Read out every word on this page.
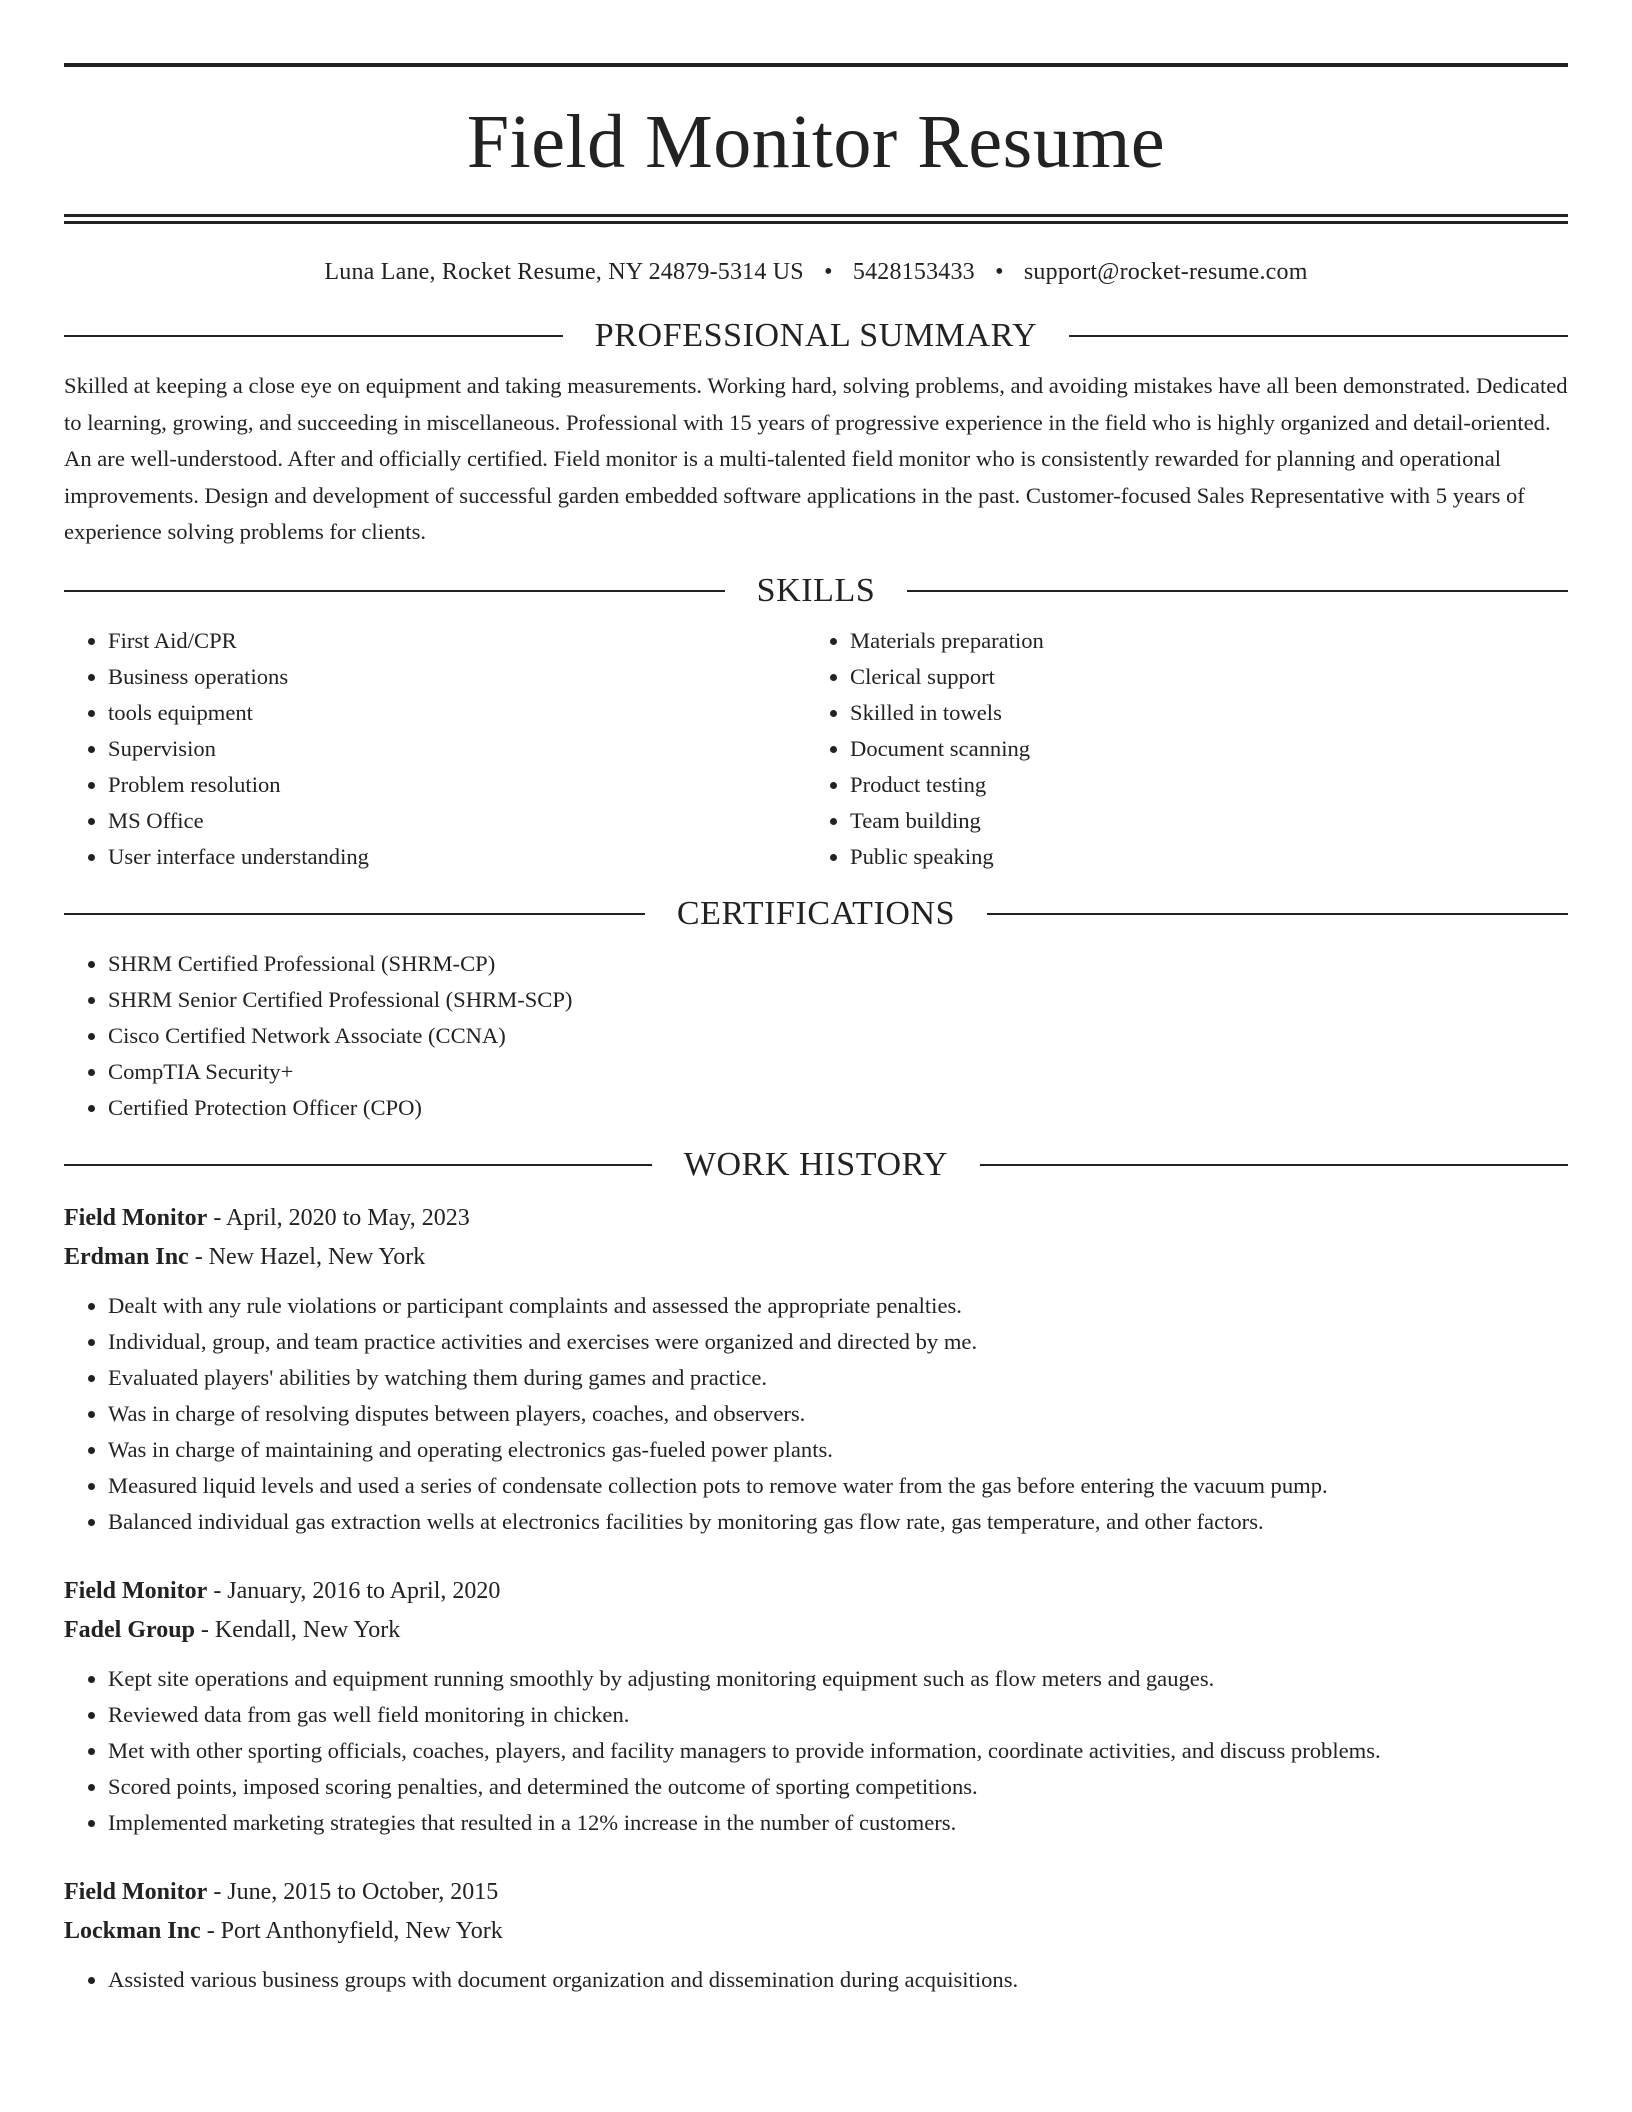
Field Monitor Resume
Luna Lane, Rocket Resume, NY 24879-5314 US • 5428153433 • support@rocket-resume.com
PROFESSIONAL SUMMARY

Skilled at keeping a close eye on equipment and taking measurements. Working hard, solving problems, and avoiding mistakes have all been demonstrated. Dedicated to learning, growing, and succeeding in miscellaneous. Professional with 15 years of progressive experience in the field who is highly organized and detail-oriented. An are well-understood. After and officially certified. Field monitor is a multi-talented field monitor who is consistently rewarded for planning and operational improvements. Design and development of successful garden embedded software applications in the past. Customer-focused Sales Representative with 5 years of experience solving problems for clients.

SKILLS
• First Aid/CPR
• Business operations
• tools equipment
• Supervision
• Problem resolution
• MS Office
• User interface understanding
• Materials preparation
• Clerical support
• Skilled in towels
• Document scanning
• Product testing
• Team building
• Public speaking
CERTIFICATIONS
• SHRM Certified Professional (SHRM-CP)
• SHRM Senior Certified Professional (SHRM-SCP)
• Cisco Certified Network Associate (CCNA)
• CompTIA Security+
• Certified Protection Officer (CPO)
WORK HISTORY
Field Monitor - April, 2020 to May, 2023
Erdman Inc - New Hazel, New York
• Dealt with any rule violations or participant complaints and assessed the appropriate penalties.
• Individual, group, and team practice activities and exercises were organized and directed by me.
• Evaluated players' abilities by watching them during games and practice.
• Was in charge of resolving disputes between players, coaches, and observers.
• Was in charge of maintaining and operating electronics gas-fueled power plants.
• Measured liquid levels and used a series of condensate collection pots to remove water from the gas before entering the vacuum pump.
• Balanced individual gas extraction wells at electronics facilities by monitoring gas flow rate, gas temperature, and other factors.
Field Monitor - January, 2016 to April, 2020
Fadel Group - Kendall, New York
• Kept site operations and equipment running smoothly by adjusting monitoring equipment such as flow meters and gauges.
• Reviewed data from gas well field monitoring in chicken.
• Met with other sporting officials, coaches, players, and facility managers to provide information, coordinate activities, and discuss problems.
• Scored points, imposed scoring penalties, and determined the outcome of sporting competitions.
• Implemented marketing strategies that resulted in a 12% increase in the number of customers.
Field Monitor - June, 2015 to October, 2015
Lockman Inc - Port Anthonyfield, New York
• Assisted various business groups with document organization and dissemination during acquisitions.
